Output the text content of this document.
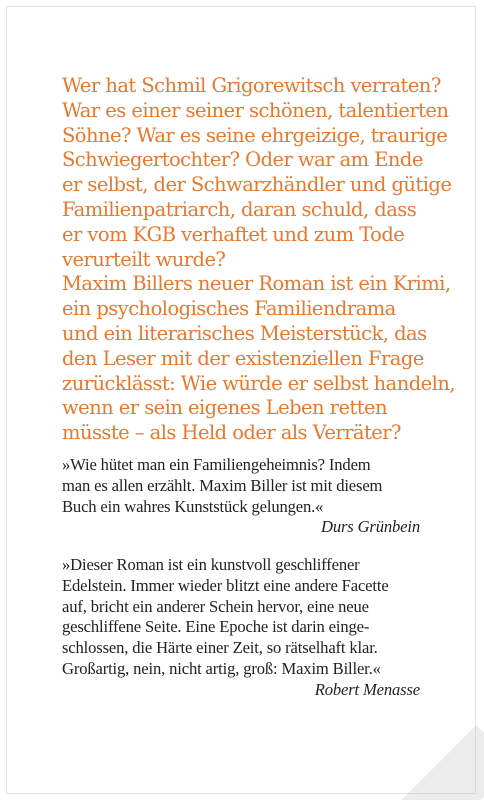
Wer hat Schmil Grigorewitsch verraten?
War es einer seiner schönen, talentierten
Söhne? War es seine ehrgeizige, traurige
Schwiegertochter? Oder war am Ende
er selbst, der Schwarzhändler und gütige
Familienpatriarch, daran schuld, dass
er vom KGB verhaftet und zum Tode
verurteilt wurde?
Maxim Billers neuer Roman ist ein Krimi,
ein psychologisches Familiendrama
und ein literarisches Meisterstück, das
den Leser mit der existenziellen Frage
zurücklässt: Wie würde er selbst handeln,
wenn er sein eigenes Leben retten
müsste – als Held oder als Verräter?

»Wie hütet man ein Familiengeheimnis? Indem
man es allen erzählt. Maxim Biller ist mit diesem
Buch ein wahres Kunststück gelungen.«
Durs Grünbein
»Dieser Roman ist ein kunstvoll geschliffener
Edelstein. Immer wieder blitzt eine andere Facette
auf, bricht ein anderer Schein hervor, eine neue
geschliffene Seite. Eine Epoche ist darin einge-
schlossen, die Härte einer Zeit, so rätselhaft klar.
Großartig, nein, nicht artig, groß: Maxim Biller.«
Robert Menasse
